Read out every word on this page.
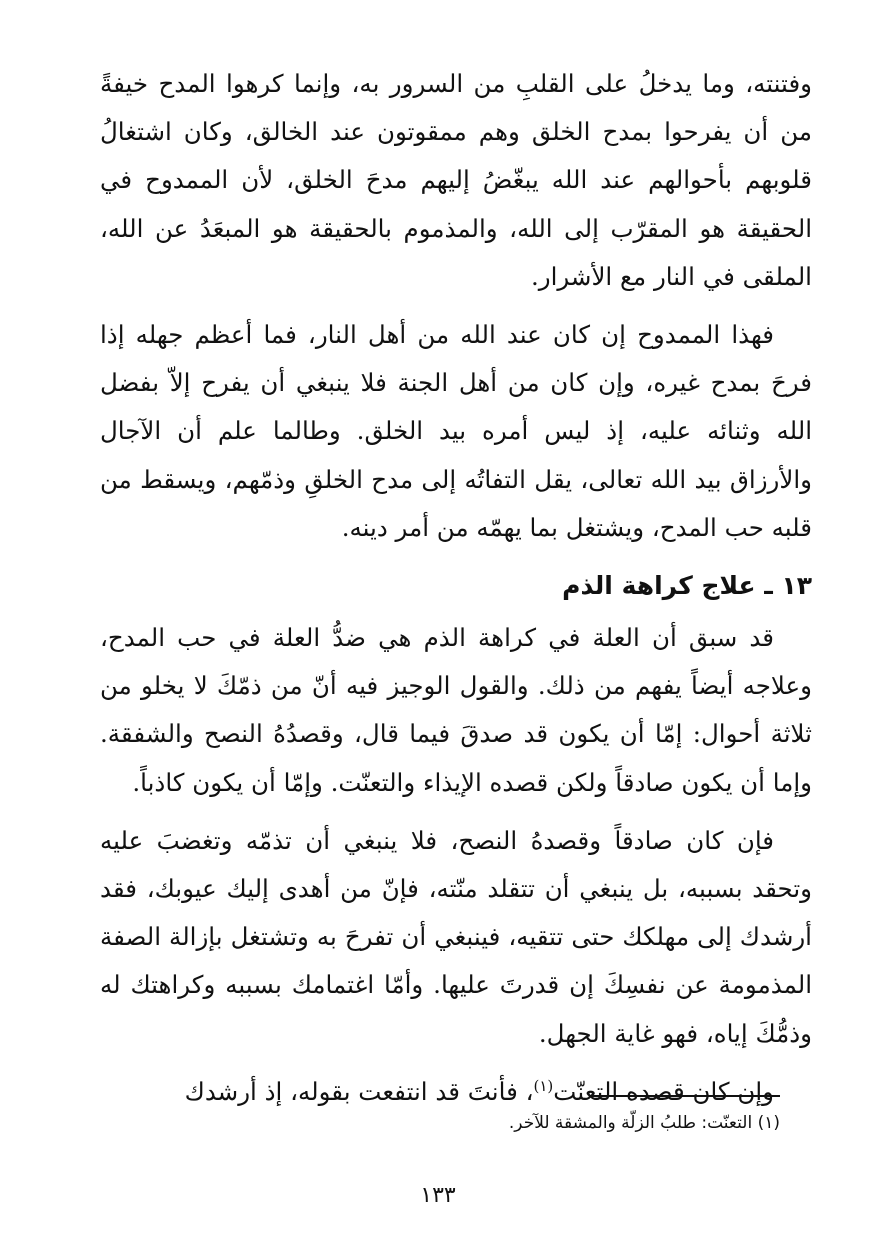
وفتنته، وما يدخلُ على القلبِ من السرور به، وإنما كرهوا المدح خيفةً من أن يفرحوا بمدح الخلق وهم ممقوتون عند الخالق، وكان اشتغالُ قلوبهم بأحوالهم عند الله يبغّضُ إليهم مدحَ الخلق، لأن الممدوح في الحقيقة هو المقرّب إلى الله، والمذموم بالحقيقة هو المبعَدُ عن الله، الملقى في النار مع الأشرار.

فهذا الممدوح إن كان عند الله من أهل النار، فما أعظم جهله إذا فرحَ بمدح غيره، وإن كان من أهل الجنة فلا ينبغي أن يفرح إلاّ بفضل الله وثنائه عليه، إذ ليس أمره بيد الخلق. وطالما علم أن الآجال والأرزاق بيد الله تعالى، يقل التفاتُه إلى مدح الخلقِ وذمّهم، ويسقط من قلبه حب المدح، ويشتغل بما يهمّه من أمر دينه.

١٣ ـ علاج كراهة الذم

قد سبق أن العلة في كراهة الذم هي ضدُّ العلة في حب المدح، وعلاجه أيضاً يفهم من ذلك. والقول الوجيز فيه أنّ من ذمّكَ لا يخلو من ثلاثة أحوال: إمّا أن يكون قد صدقَ فيما قال، وقصدُهُ النصح والشفقة. وإما أن يكون صادقاً ولكن قصده الإيذاء والتعنّت. وإمّا أن يكون كاذباً.

فإن كان صادقاً وقصدهُ النصح، فلا ينبغي أن تذمّه وتغضبَ عليه وتحقد بسببه، بل ينبغي أن تتقلد منّته، فإنّ من أهدى إليك عيوبك، فقد أرشدك إلى مهلكك حتى تتقيه، فينبغي أن تفرحَ به وتشتغل بإزالة الصفة المذمومة عن نفسِكَ إن قدرتَ عليها. وأمّا اغتمامك بسببه وكراهتك له وذمُّكَ إياه، فهو غاية الجهل.

وإن كان قصده التعنّت$^{(١)}$، فأنتَ قد انتفعت بقوله، إذ أرشدك

(١) التعنّت: طلبُ الزلّة والمشقة للآخر.
١٣٣
